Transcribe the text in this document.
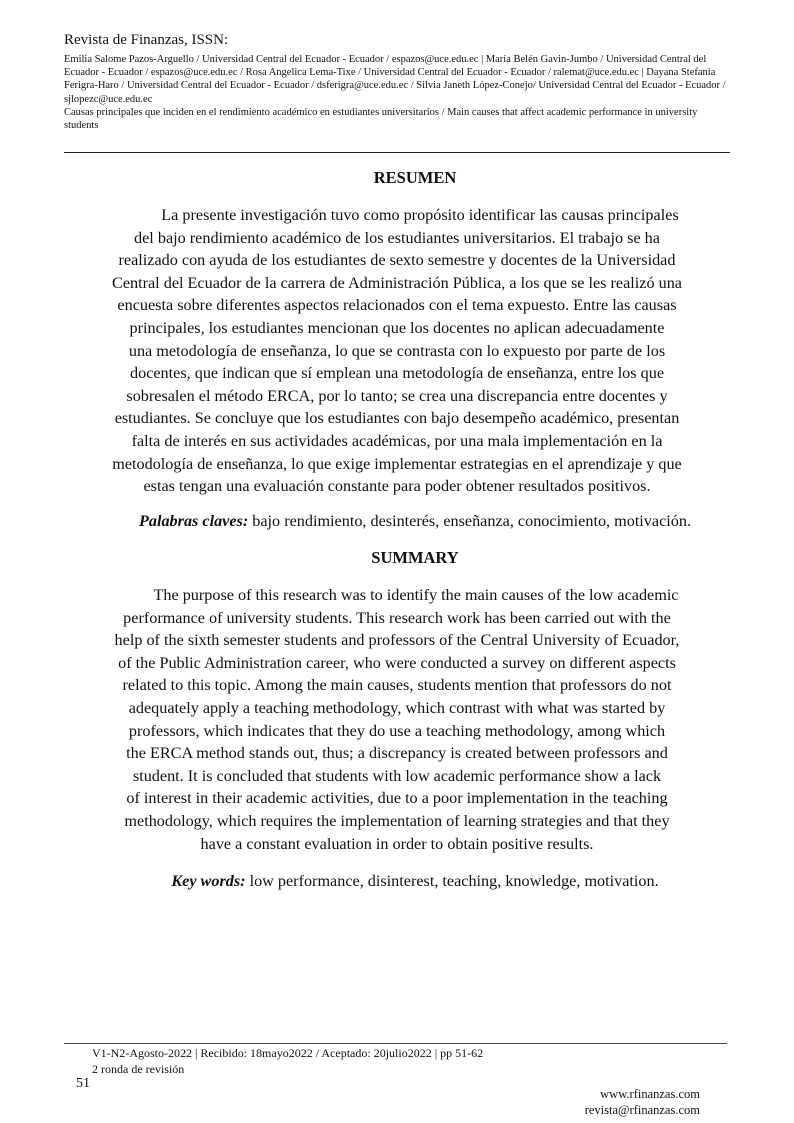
Revista de Finanzas, ISSN:
Emilia Salome Pazos-Arguello / Universidad Central del Ecuador - Ecuador / espazos@uce.edu.ec | María Belén Gavin-Jumbo / Universidad Central del Ecuador - Ecuador / espazos@uce.edu.ec / Rosa Angelica Lema-Tixe / Universidad Central del Ecuador - Ecuador / ralemat@uce.edu.ec | Dayana Stefania Ferigra-Haro / Universidad Central del Ecuador - Ecuador / dsferigra@uce.edu.ec / Silvia Janeth López-Conejo/ Universidad Central del Ecuador - Ecuador / sjlopezc@uce.edu.ec
Causas principales que inciden en el rendimiento académico en estudiantes universitarios / Main causes that affect academic performance in university students
RESUMEN
La presente investigación tuvo como propósito identificar las causas principales
del bajo rendimiento académico de los estudiantes universitarios. El trabajo se ha
realizado con ayuda de los estudiantes de sexto semestre y docentes de la Universidad
Central del Ecuador de la carrera de Administración Pública, a los que se les realizó una
encuesta sobre diferentes aspectos relacionados con el tema expuesto. Entre las causas
principales, los estudiantes mencionan que los docentes no aplican adecuadamente
una metodología de enseñanza, lo que se contrasta con lo expuesto por parte de los
docentes, que indican que sí emplean una metodología de enseñanza, entre los que
sobresalen el método ERCA, por lo tanto; se crea una discrepancia entre docentes y
estudiantes. Se concluye que los estudiantes con bajo desempeño académico, presentan
falta de interés en sus actividades académicas, por una mala implementación en la
metodología de enseñanza, lo que exige implementar estrategias en el aprendizaje y que
estas tengan una evaluación constante para poder obtener resultados positivos.

Palabras claves: bajo rendimiento, desinterés, enseñanza, conocimiento, motivación.

SUMMARY
The purpose of this research was to identify the main causes of the low academic
performance of university students. This research work has been carried out with the
help of the sixth semester students and professors of the Central University of Ecuador,
of the Public Administration career, who were conducted a survey on different aspects
related to this topic. Among the main causes, students mention that professors do not
adequately apply a teaching methodology, which contrast with what was started by
professors, which indicates that they do use a teaching methodology, among which
the ERCA method stands out, thus; a discrepancy is created between professors and
student. It is concluded that students with low academic performance show a lack
of interest in their academic activities, due to a poor implementation in the teaching
methodology, which requires the implementation of learning strategies and that they
have a constant evaluation in order to obtain positive results.

Key words: low performance, disinterest, teaching, knowledge, motivation.

V1-N2-Agosto-2022 | Recibido: 18mayo2022 / Aceptado: 20julio2022 | pp 51-62
2 ronda de revisión
51
www.rfinanzas.com
revista@rfinanzas.com
